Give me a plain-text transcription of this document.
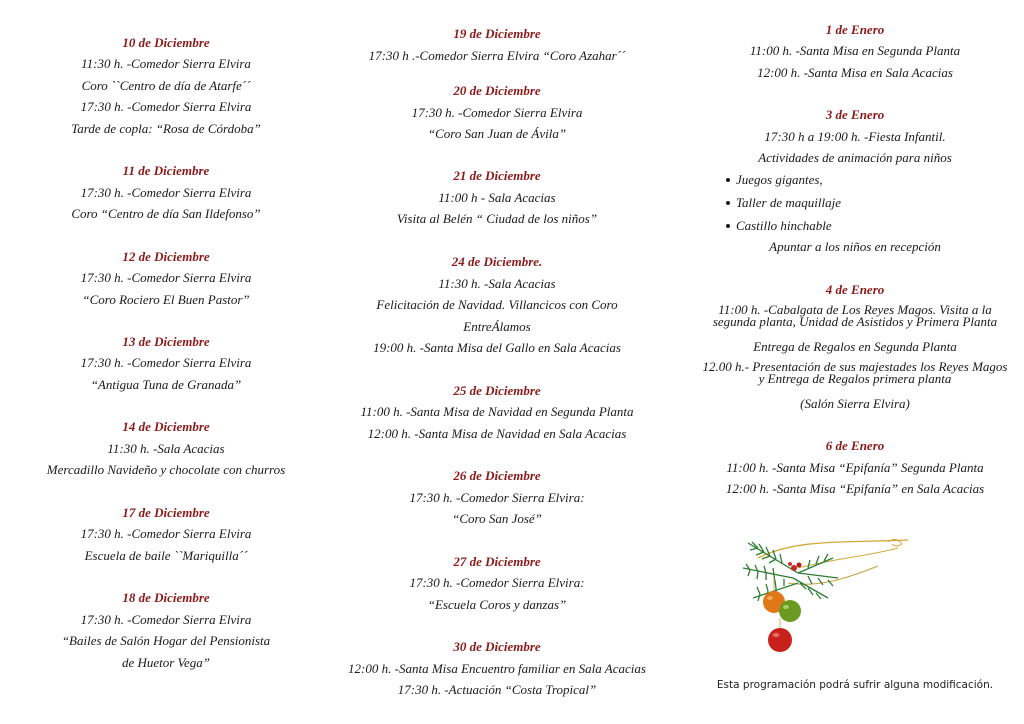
10 de Diciembre
11:30 h. -Comedor Sierra Elvira
Coro ``Centro de día de Atarfe´´
17:30 h. -Comedor Sierra Elvira
Tarde de copla: “Rosa de Córdoba”
11 de Diciembre
17:30 h. -Comedor Sierra Elvira
Coro “Centro de día San Ildefonso”
12 de Diciembre
17:30 h. -Comedor Sierra Elvira
“Coro Rociero El Buen Pastor”
13 de Diciembre
17:30 h. -Comedor Sierra Elvira
“Antigua Tuna de Granada”
14 de Diciembre
11:30 h. -Sala Acacias
Mercadillo Navideño y chocolate con churros
17 de Diciembre
17:30 h. -Comedor Sierra Elvira
Escuela de baile ``Mariquilla´´
18 de Diciembre
17:30 h. -Comedor Sierra Elvira
“Bailes de Salón Hogar del Pensionista
de Huetor Vega”
19 de Diciembre
17:30 h .-Comedor Sierra Elvira “Coro Azahar´´
20 de Diciembre
17:30 h. -Comedor Sierra Elvira
“Coro San Juan de Ávila”
21 de Diciembre
11:00 h - Sala Acacias
Visita al Belén “ Ciudad de los niños”
24 de Diciembre.
11:30 h. -Sala Acacias
Felicitación de Navidad. Villancicos con Coro
EntreÁlamos
19:00 h. -Santa Misa del Gallo en Sala Acacias
25 de Diciembre
11:00 h. -Santa Misa de Navidad en Segunda Planta
12:00 h. -Santa Misa de Navidad en Sala Acacias
26 de Diciembre
17:30 h. -Comedor Sierra Elvira:
“Coro San José”
27 de Diciembre
17:30 h. -Comedor Sierra Elvira:
“Escuela Coros y danzas”
30 de Diciembre
12:00 h. -Santa Misa Encuentro familiar en Sala Acacias
17:30 h. -Actuación “Costa Tropical”
1 de Enero
11:00 h. -Santa Misa en Segunda Planta
12:00 h. -Santa Misa en Sala Acacias
3 de Enero
17:30 h a 19:00 h. -Fiesta Infantil.
Actividades de animación para niños
Juegos gigantes,
Taller de maquillaje
Castillo hinchable
Apuntar a los niños en recepción
4 de Enero
11:00 h. -Cabalgata de Los Reyes Magos. Visita a la segunda planta, Unidad de Asistidos y Primera Planta
Entrega de Regalos en Segunda Planta
12.00 h.- Presentación de sus majestades los Reyes Magos y Entrega de Regalos primera planta
(Salón Sierra Elvira)
6 de Enero
11:00 h. -Santa Misa “Epifanía” Segunda Planta
12:00 h. -Santa Misa “Epifanía” en Sala Acacias
Esta programación podrá sufrir alguna modificación.
